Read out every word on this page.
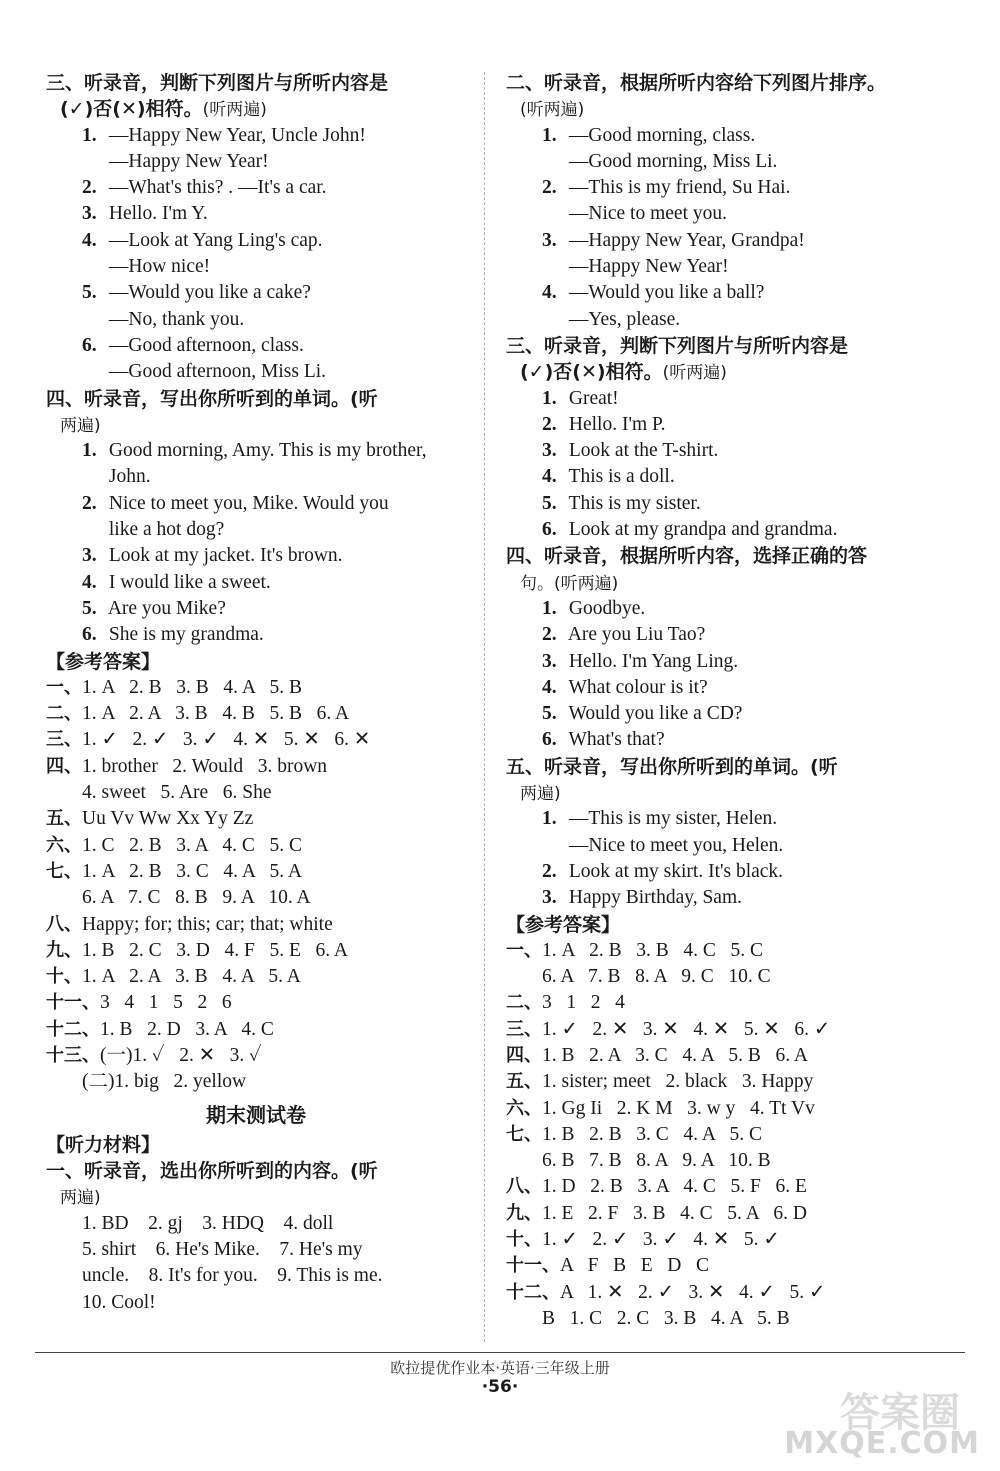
三、听录音，判断下列图片与所听内容是
(✓)否(✕)相符。(听两遍)
1. —Happy New Year, Uncle John!
—Happy New Year!
2. —What's this? . —It's a car.
3. Hello. I'm Y.
4. —Look at Yang Ling's cap.
—How nice!
5. —Would you like a cake?
—No, thank you.
6. —Good afternoon, class.
—Good afternoon, Miss Li.
四、听录音，写出你所听到的单词。(听
两遍)
1. Good morning, Amy. This is my brother,
John.
2. Nice to meet you, Mike. Would you
like a hot dog?
3. Look at my jacket. It's brown.
4. I would like a sweet.
5. Are you Mike?
6. She is my grandma.
【参考答案】
一、1. A   2. B   3. B   4. A   5. B
二、1. A   2. A   3. B   4. B   5. B   6. A
三、1. ✓   2. ✓   3. ✓   4. ✕   5. ✕   6. ✕
四、1. brother   2. Would   3. brown
4. sweet   5. Are   6. She
五、Uu Vv Ww Xx Yy Zz
六、1. C   2. B   3. A   4. C   5. C
七、1. A   2. B   3. C   4. A   5. A
6. A   7. C   8. B   9. A   10. A
八、Happy; for; this; car; that; white
九、1. B   2. C   3. D   4. F   5. E   6. A
十、1. A   2. A   3. B   4. A   5. A
十一、3   4   1   5   2   6
十二、1. B   2. D   3. A   4. C
十三、(一)1. ✓   2. ✕   3. ✓
(二)1. big   2. yellow
期末测试卷
【听力材料】
一、听录音，选出你所听到的内容。(听
两遍)
1. BD    2. gj    3. HDQ    4. doll
5. shirt    6. He's Mike.    7. He's my
uncle.    8. It's for you.    9. This is me.
10. Cool!
二、听录音，根据所听内容给下列图片排序。
(听两遍)
1. —Good morning, class.
—Good morning, Miss Li.
2. —This is my friend, Su Hai.
—Nice to meet you.
3. —Happy New Year, Grandpa!
—Happy New Year!
4. —Would you like a ball?
—Yes, please.
三、听录音，判断下列图片与所听内容是
(✓)否(✕)相符。(听两遍)
1. Great!
2. Hello. I'm P.
3. Look at the T-shirt.
4. This is a doll.
5. This is my sister.
6. Look at my grandpa and grandma.
四、听录音，根据所听内容，选择正确的答
句。(听两遍)
1. Goodbye.
2. Are you Liu Tao?
3. Hello. I'm Yang Ling.
4. What colour is it?
5. Would you like a CD?
6. What's that?
五、听录音，写出你所听到的单词。(听
两遍)
1. —This is my sister, Helen.
—Nice to meet you, Helen.
2. Look at my skirt. It's black.
3. Happy Birthday, Sam.
【参考答案】
一、1. A   2. B   3. B   4. C   5. C
6. A   7. B   8. A   9. C   10. C
二、3   1   2   4
三、1. ✓   2. ✕   3. ✕   4. ✕   5. ✕   6. ✓
四、1. B   2. A   3. C   4. A   5. B   6. A
五、1. sister; meet   2. black   3. Happy
六、1. Gg Ii   2. K M   3. w y   4. Tt Vv
七、1. B   2. B   3. C   4. A   5. C
6. B   7. B   8. A   9. A   10. B
八、1. D   2. B   3. A   4. C   5. F   6. E
九、1. E   2. F   3. B   4. C   5. A   6. D
十、1. ✓   2. ✓   3. ✓   4. ✕   5. ✓
十一、A   F   B   E   D   C
十二、A   1. ✕   2. ✓   3. ✕   4. ✓   5. ✓
B   1. C   2. C   3. B   4. A   5. B
欧拉提优作业本·英语·三年级上册
·56·
答案圈
MXQE.COM
